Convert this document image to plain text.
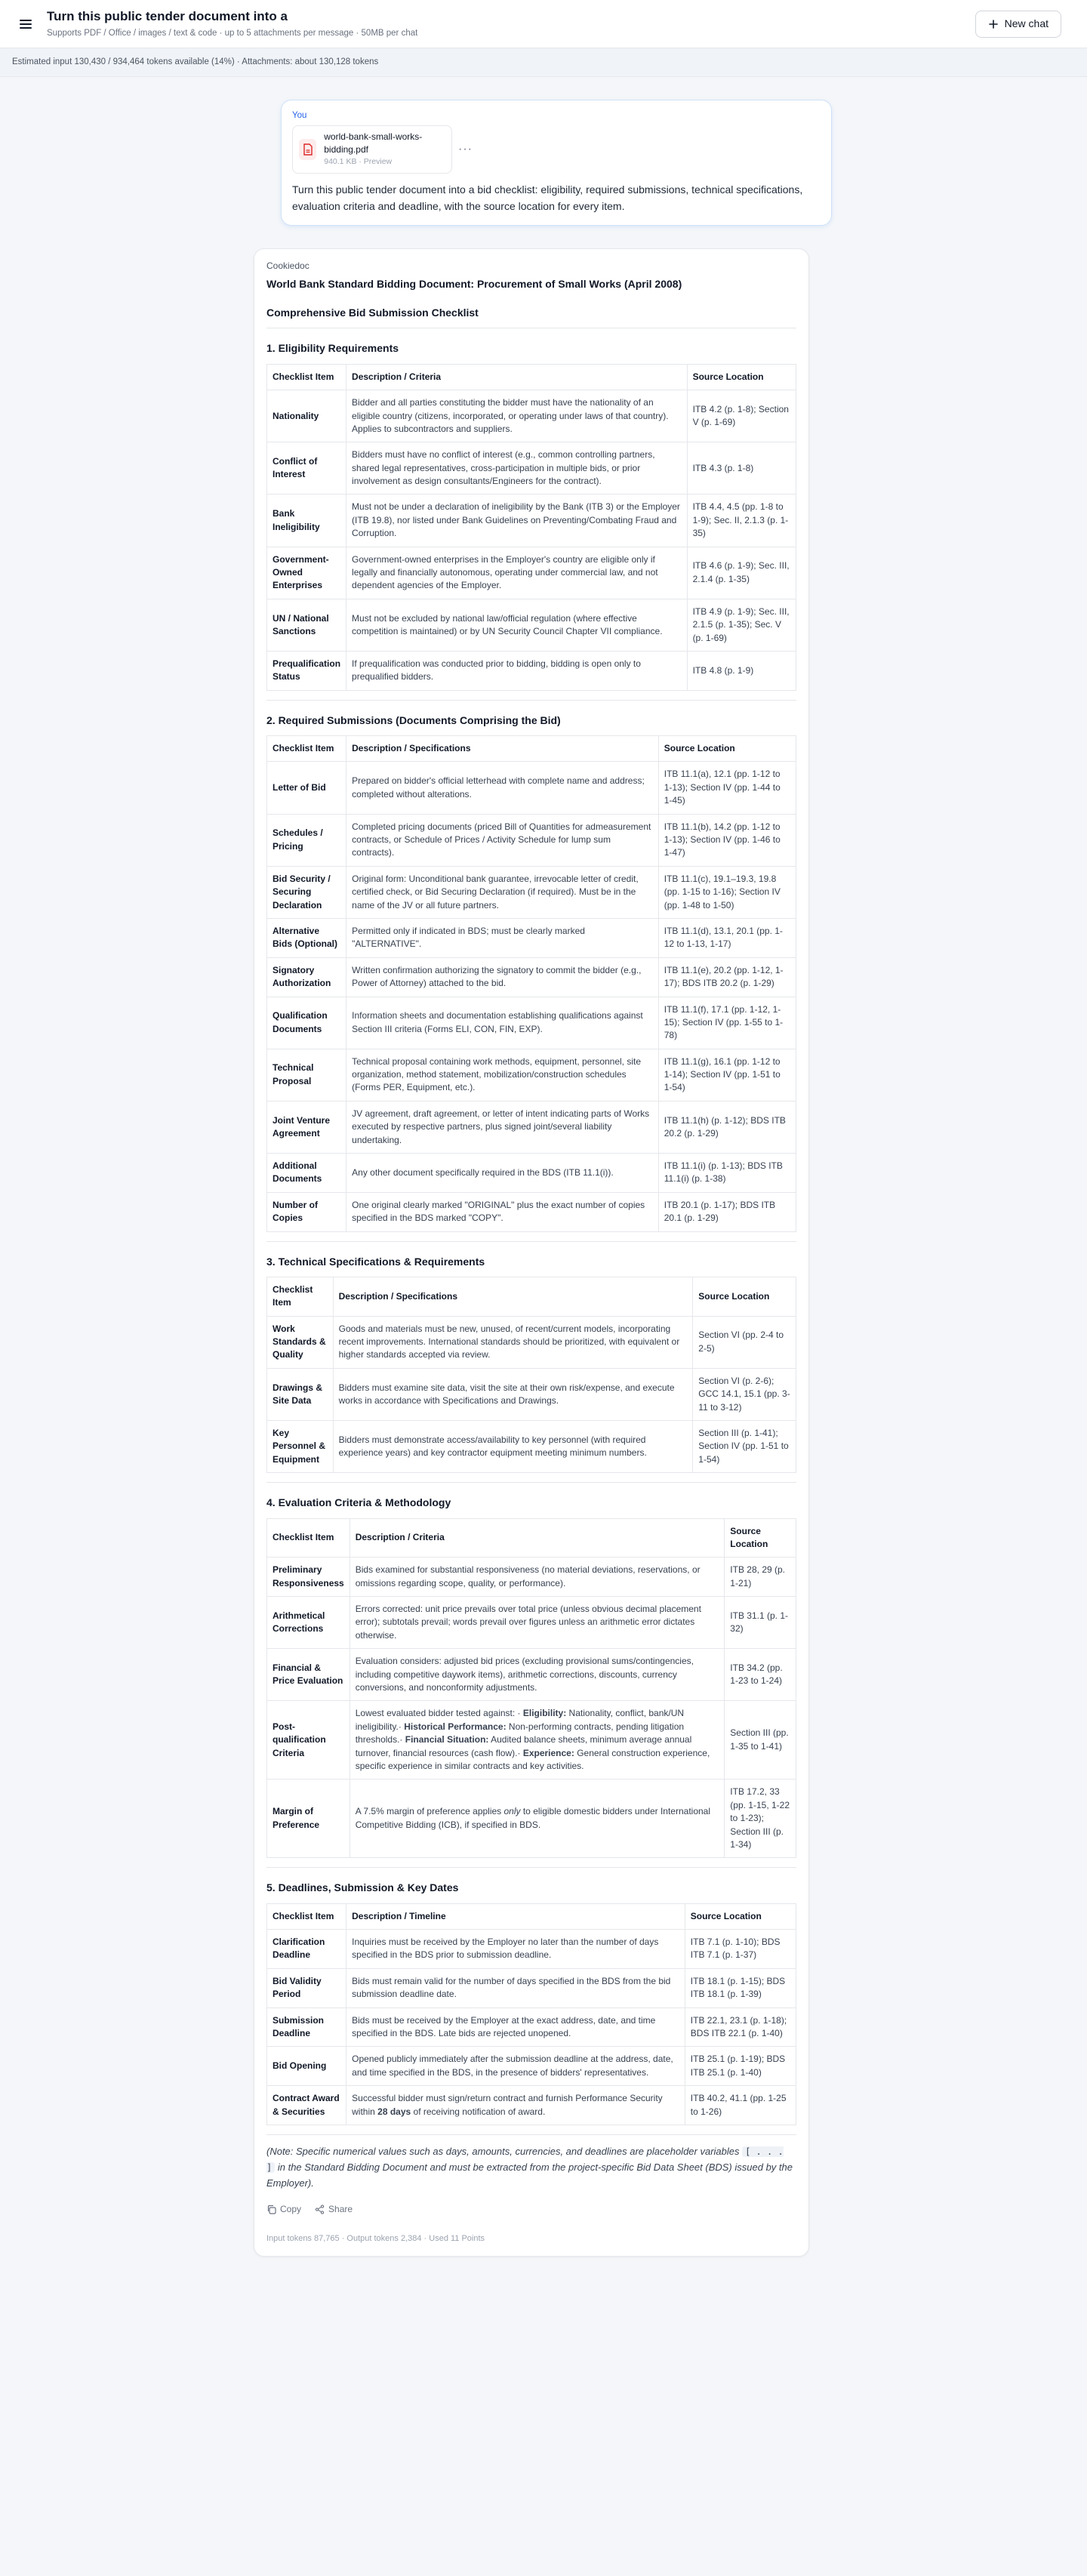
Turn this public tender document into a
Supports PDF / Office / images / text & code · up to 5 attachments per message · 50MB per chat
New chat
Estimated input 130,430 / 934,464 tokens available (14%) · Attachments: about 130,128 tokens
You
world-bank-small-works-bidding.pdf
940.1 KB · Preview
···
Turn this public tender document into a bid checklist: eligibility, required submissions, technical specifications, evaluation criteria and deadline, with the source location for every item.
Cookiedoc
World Bank Standard Bidding Document: Procurement of Small Works (April 2008)
Comprehensive Bid Submission Checklist
1. Eligibility Requirements
Checklist Item	Description / Criteria	Source Location
Nationality	Bidder and all parties constituting the bidder must have the nationality of an eligible country (citizens, incorporated, or operating under laws of that country). Applies to subcontractors and suppliers.	ITB 4.2 (p. 1-8); Section V (p. 1-69)
Conflict of Interest	Bidders must have no conflict of interest (e.g., common controlling partners, shared legal representatives, cross-participation in multiple bids, or prior involvement as design consultants/Engineers for the contract).	ITB 4.3 (p. 1-8)
Bank Ineligibility	Must not be under a declaration of ineligibility by the Bank (ITB 3) or the Employer (ITB 19.8), nor listed under Bank Guidelines on Preventing/Combating Fraud and Corruption.	ITB 4.4, 4.5 (pp. 1-8 to 1-9); Sec. II, 2.1.3 (p. 1-35)
Government-Owned Enterprises	Government-owned enterprises in the Employer's country are eligible only if legally and financially autonomous, operating under commercial law, and not dependent agencies of the Employer.	ITB 4.6 (p. 1-9); Sec. III, 2.1.4 (p. 1-35)
UN / National Sanctions	Must not be excluded by national law/official regulation (where effective competition is maintained) or by UN Security Council Chapter VII compliance.	ITB 4.9 (p. 1-9); Sec. III, 2.1.5 (p. 1-35); Sec. V (p. 1-69)
Prequalification Status	If prequalification was conducted prior to bidding, bidding is open only to prequalified bidders.	ITB 4.8 (p. 1-9)
2. Required Submissions (Documents Comprising the Bid)
Checklist Item	Description / Specifications	Source Location
Letter of Bid	Prepared on bidder's official letterhead with complete name and address; completed without alterations.	ITB 11.1(a), 12.1 (pp. 1-12 to 1-13); Section IV (pp. 1-44 to 1-45)
Schedules / Pricing	Completed pricing documents (priced Bill of Quantities for admeasurement contracts, or Schedule of Prices / Activity Schedule for lump sum contracts).	ITB 11.1(b), 14.2 (pp. 1-12 to 1-13); Section IV (pp. 1-46 to 1-47)
Bid Security / Securing Declaration	Original form: Unconditional bank guarantee, irrevocable letter of credit, certified check, or Bid Securing Declaration (if required). Must be in the name of the JV or all future partners.	ITB 11.1(c), 19.1–19.3, 19.8 (pp. 1-15 to 1-16); Section IV (pp. 1-48 to 1-50)
Alternative Bids (Optional)	Permitted only if indicated in BDS; must be clearly marked "ALTERNATIVE".	ITB 11.1(d), 13.1, 20.1 (pp. 1-12 to 1-13, 1-17)
Signatory Authorization	Written confirmation authorizing the signatory to commit the bidder (e.g., Power of Attorney) attached to the bid.	ITB 11.1(e), 20.2 (pp. 1-12, 1-17); BDS ITB 20.2 (p. 1-29)
Qualification Documents	Information sheets and documentation establishing qualifications against Section III criteria (Forms ELI, CON, FIN, EXP).	ITB 11.1(f), 17.1 (pp. 1-12, 1-15); Section IV (pp. 1-55 to 1-78)
Technical Proposal	Technical proposal containing work methods, equipment, personnel, site organization, method statement, mobilization/construction schedules (Forms PER, Equipment, etc.).	ITB 11.1(g), 16.1 (pp. 1-12 to 1-14); Section IV (pp. 1-51 to 1-54)
Joint Venture Agreement	JV agreement, draft agreement, or letter of intent indicating parts of Works executed by respective partners, plus signed joint/several liability undertaking.	ITB 11.1(h) (p. 1-12); BDS ITB 20.2 (p. 1-29)
Additional Documents	Any other document specifically required in the BDS (ITB 11.1(i)).	ITB 11.1(i) (p. 1-13); BDS ITB 11.1(i) (p. 1-38)
Number of Copies	One original clearly marked "ORIGINAL" plus the exact number of copies specified in the BDS marked "COPY".	ITB 20.1 (p. 1-17); BDS ITB 20.1 (p. 1-29)
3. Technical Specifications & Requirements
Checklist Item	Description / Specifications	Source Location
Work Standards & Quality	Goods and materials must be new, unused, of recent/current models, incorporating recent improvements. International standards should be prioritized, with equivalent or higher standards accepted via review.	Section VI (pp. 2-4 to 2-5)
Drawings & Site Data	Bidders must examine site data, visit the site at their own risk/expense, and execute works in accordance with Specifications and Drawings.	Section VI (p. 2-6); GCC 14.1, 15.1 (pp. 3-11 to 3-12)
Key Personnel & Equipment	Bidders must demonstrate access/availability to key personnel (with required experience years) and key contractor equipment meeting minimum numbers.	Section III (p. 1-41); Section IV (pp. 1-51 to 1-54)
4. Evaluation Criteria & Methodology
Checklist Item	Description / Criteria	Source Location
Preliminary Responsiveness	Bids examined for substantial responsiveness (no material deviations, reservations, or omissions regarding scope, quality, or performance).	ITB 28, 29 (p. 1-21)
Arithmetical Corrections	Errors corrected: unit price prevails over total price (unless obvious decimal placement error); subtotals prevail; words prevail over figures unless an arithmetic error dictates otherwise.	ITB 31.1 (p. 1-32)
Financial & Price Evaluation	Evaluation considers: adjusted bid prices (excluding provisional sums/contingencies, including competitive daywork items), arithmetic corrections, discounts, currency conversions, and nonconformity adjustments.	ITB 34.2 (pp. 1-23 to 1-24)
Post-qualification Criteria	Lowest evaluated bidder tested against: · Eligibility: Nationality, conflict, bank/UN ineligibility.· Historical Performance: Non-performing contracts, pending litigation thresholds.· Financial Situation: Audited balance sheets, minimum average annual turnover, financial resources (cash flow).· Experience: General construction experience, specific experience in similar contracts and key activities.	Section III (pp. 1-35 to 1-41)
Margin of Preference	A 7.5% margin of preference applies only to eligible domestic bidders under International Competitive Bidding (ICB), if specified in BDS.	ITB 17.2, 33 (pp. 1-15, 1-22 to 1-23); Section III (p. 1-34)
5. Deadlines, Submission & Key Dates
Checklist Item	Description / Timeline	Source Location
Clarification Deadline	Inquiries must be received by the Employer no later than the number of days specified in the BDS prior to submission deadline.	ITB 7.1 (p. 1-10); BDS ITB 7.1 (p. 1-37)
Bid Validity Period	Bids must remain valid for the number of days specified in the BDS from the bid submission deadline date.	ITB 18.1 (p. 1-15); BDS ITB 18.1 (p. 1-39)
Submission Deadline	Bids must be received by the Employer at the exact address, date, and time specified in the BDS. Late bids are rejected unopened.	ITB 22.1, 23.1 (p. 1-18); BDS ITB 22.1 (p. 1-40)
Bid Opening	Opened publicly immediately after the submission deadline at the address, date, and time specified in the BDS, in the presence of bidders' representatives.	ITB 25.1 (p. 1-19); BDS ITB 25.1 (p. 1-40)
Contract Award & Securities	Successful bidder must sign/return contract and furnish Performance Security within 28 days of receiving notification of award.	ITB 40.2, 41.1 (pp. 1-25 to 1-26)

(Note: Specific numerical values such as days, amounts, currencies, and deadlines are placeholder variables [ . . . ] in the Standard Bidding Document and must be extracted from the project-specific Bid Data Sheet (BDS) issued by the Employer).

Copy	Share
Input tokens 87,765 · Output tokens 2,384 · Used 11 Points
